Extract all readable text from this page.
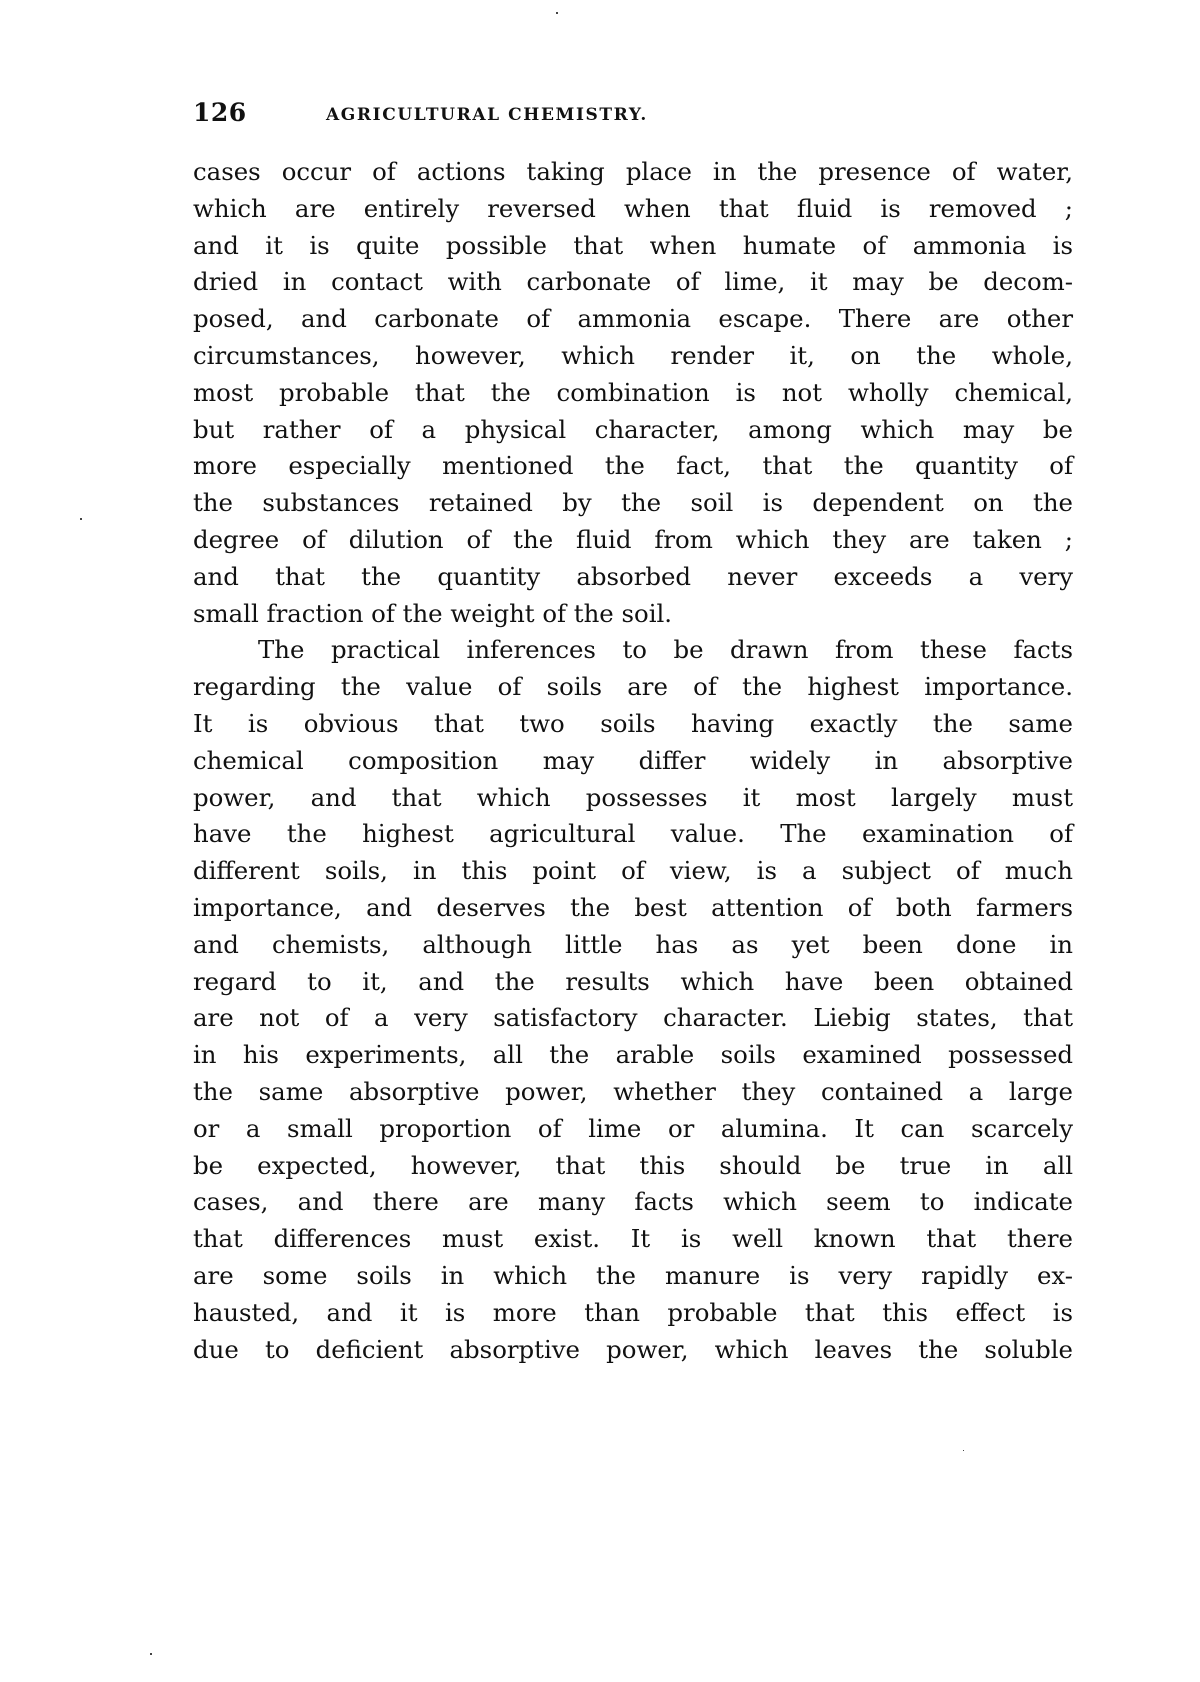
126	AGRICULTURAL CHEMISTRY.
cases occur of actions taking place in the presence of water,
which are entirely reversed when that fluid is removed ;
and it is quite possible that when humate of ammonia is
dried in contact with carbonate of lime, it may be decom-
posed, and carbonate of ammonia escape. There are other
circumstances, however, which render it, on the whole,
most probable that the combination is not wholly chemical,
but rather of a physical character, among which may be
more especially mentioned the fact, that the quantity of
the substances retained by the soil is dependent on the
degree of dilution of the fluid from which they are taken ;
and that the quantity absorbed never exceeds a very
small fraction of the weight of the soil.
The practical inferences to be drawn from these facts
regarding the value of soils are of the highest importance.
It is obvious that two soils having exactly the same
chemical composition may differ widely in absorptive
power, and that which possesses it most largely must
have the highest agricultural value. The examination of
different soils, in this point of view, is a subject of much
importance, and deserves the best attention of both farmers
and chemists, although little has as yet been done in
regard to it, and the results which have been obtained
are not of a very satisfactory character. Liebig states, that
in his experiments, all the arable soils examined possessed
the same absorptive power, whether they contained a large
or a small proportion of lime or alumina. It can scarcely
be expected, however, that this should be true in all
cases, and there are many facts which seem to indicate
that differences must exist. It is well known that there
are some soils in which the manure is very rapidly ex-
hausted, and it is more than probable that this effect is
due to deficient absorptive power, which leaves the soluble
